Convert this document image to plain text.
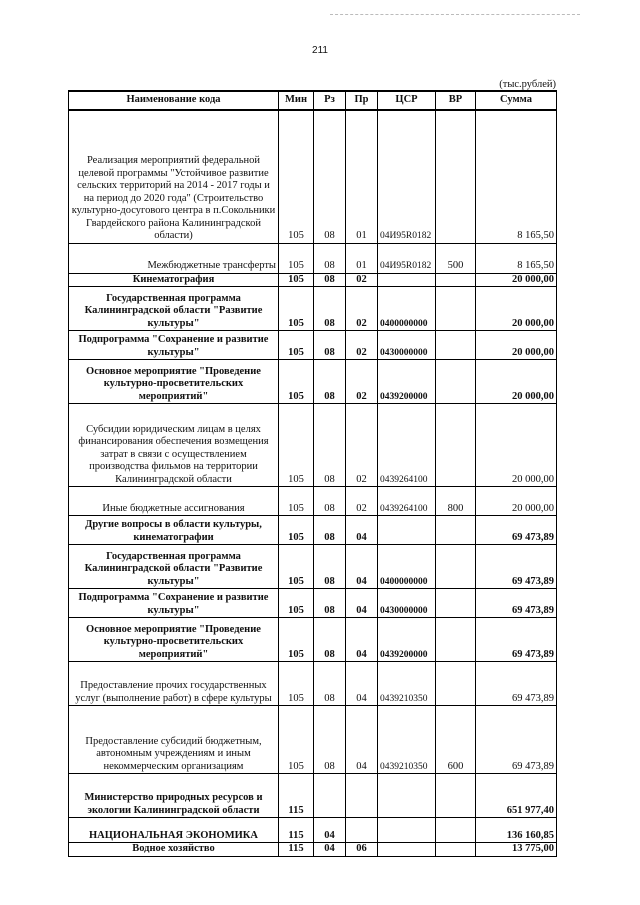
211
(тыс.рублей)
Наименование кода	Мин	Рз	Пр	ЦСР	ВР	Сумма
Реализация мероприятий федеральной целевой программы "Устойчивое развитие сельских территорий на 2014 - 2017 годы и на период до 2020 года" (Строительство культурно-досугового центра в п.Сокольники Гвардейского района Калининградской области)	105	08	01	04И95R0182		8 165,50
Межбюджетные трансферты	105	08	01	04И95R0182	500	8 165,50
Кинематография	105	08	02			20 000,00
Государственная программа Калининградской области "Развитие культуры"	105	08	02	0400000000		20 000,00
Подпрограмма "Сохранение и развитие культуры"	105	08	02	0430000000		20 000,00
Основное мероприятие "Проведение культурно-просветительских мероприятий"	105	08	02	0439200000		20 000,00
Субсидии юридическим лицам в целях финансирования обеспечения возмещения затрат в связи с осуществлением производства фильмов на территории Калининградской области	105	08	02	0439264100		20 000,00
Иные бюджетные ассигнования	105	08	02	0439264100	800	20 000,00
Другие вопросы в области культуры, кинематографии	105	08	04			69 473,89
Государственная программа Калининградской области "Развитие культуры"	105	08	04	0400000000		69 473,89
Подпрограмма "Сохранение и развитие культуры"	105	08	04	0430000000		69 473,89
Основное мероприятие "Проведение культурно-просветительских мероприятий"	105	08	04	0439200000		69 473,89
Предоставление прочих государственных услуг (выполнение работ) в сфере культуры	105	08	04	0439210350		69 473,89
Предоставление субсидий бюджетным, автономным учреждениям и иным некоммерческим организациям	105	08	04	0439210350	600	69 473,89
Министерство природных ресурсов и экологии Калининградской области	115					651 977,40
НАЦИОНАЛЬНАЯ ЭКОНОМИКА	115	04				136 160,85
Водное хозяйство	115	04	06			13 775,00
